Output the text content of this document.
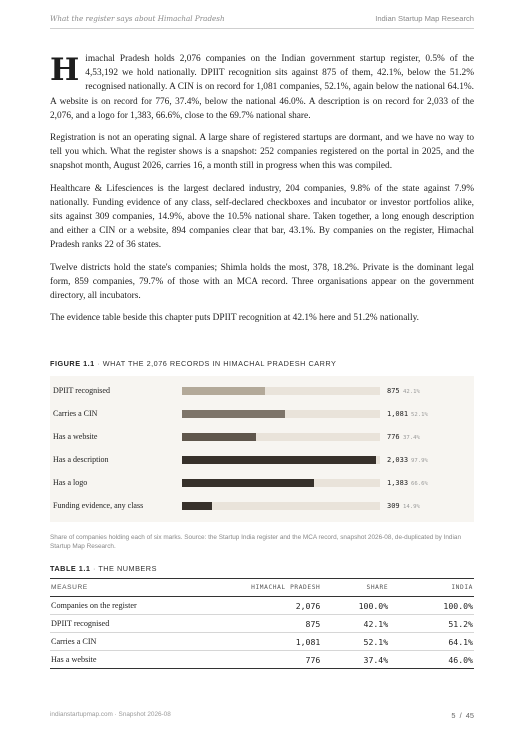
What the register says about Himachal Pradesh	Indian Startup Map Research

Himachal Pradesh holds 2,076 companies on the Indian government startup register, 0.5% of the 4,53,192 we hold nationally. DPIIT recognition sits against 875 of them, 42.1%, below the 51.2% recognised nationally. A CIN is on record for 1,081 companies, 52.1%, again below the national 64.1%. A website is on record for 776, 37.4%, below the national 46.0%. A description is on record for 2,033 of the 2,076, and a logo for 1,383, 66.6%, close to the 69.7% national share.

Registration is not an operating signal. A large share of registered startups are dormant, and we have no way to tell you which. What the register shows is a snapshot: 252 companies registered on the portal in 2025, and the snapshot month, August 2026, carries 16, a month still in progress when this was compiled.

Healthcare & Lifesciences is the largest declared industry, 204 companies, 9.8% of the state against 7.9% nationally. Funding evidence of any class, self-declared checkboxes and incubator or investor portfolios alike, sits against 309 companies, 14.9%, above the 10.5% national share. Taken together, a long enough description and either a CIN or a website, 894 companies clear that bar, 43.1%. By companies on the register, Himachal Pradesh ranks 22 of 36 states.

Twelve districts hold the state's companies; Shimla holds the most, 378, 18.2%. Private is the dominant legal form, 859 companies, 79.7% of those with an MCA record. Three organisations appear on the government directory, all incubators.

The evidence table beside this chapter puts DPIIT recognition at 42.1% here and 51.2% nationally.

FIGURE 1.1 · WHAT THE 2,076 RECORDS IN HIMACHAL PRADESH CARRY
DPIIT recognised	875 42.1%
Carries a CIN	1,081 52.1%
Has a website	776 37.4%
Has a description	2,033 97.9%
Has a logo	1,383 66.6%
Funding evidence, any class	309 14.9%
Share of companies holding each of six marks. Source: the Startup India register and the MCA record, snapshot 2026-08, de-duplicated by Indian Startup Map Research.
TABLE 1.1 · THE NUMBERS
MEASURE	HIMACHAL PRADESH	SHARE	INDIA
Companies on the register	2,076	100.0%	100.0%
DPIIT recognised	875	42.1%	51.2%
Carries a CIN	1,081	52.1%	64.1%
Has a website	776	37.4%	46.0%
indianstartupmap.com · Snapshot 2026-08	5 / 45
